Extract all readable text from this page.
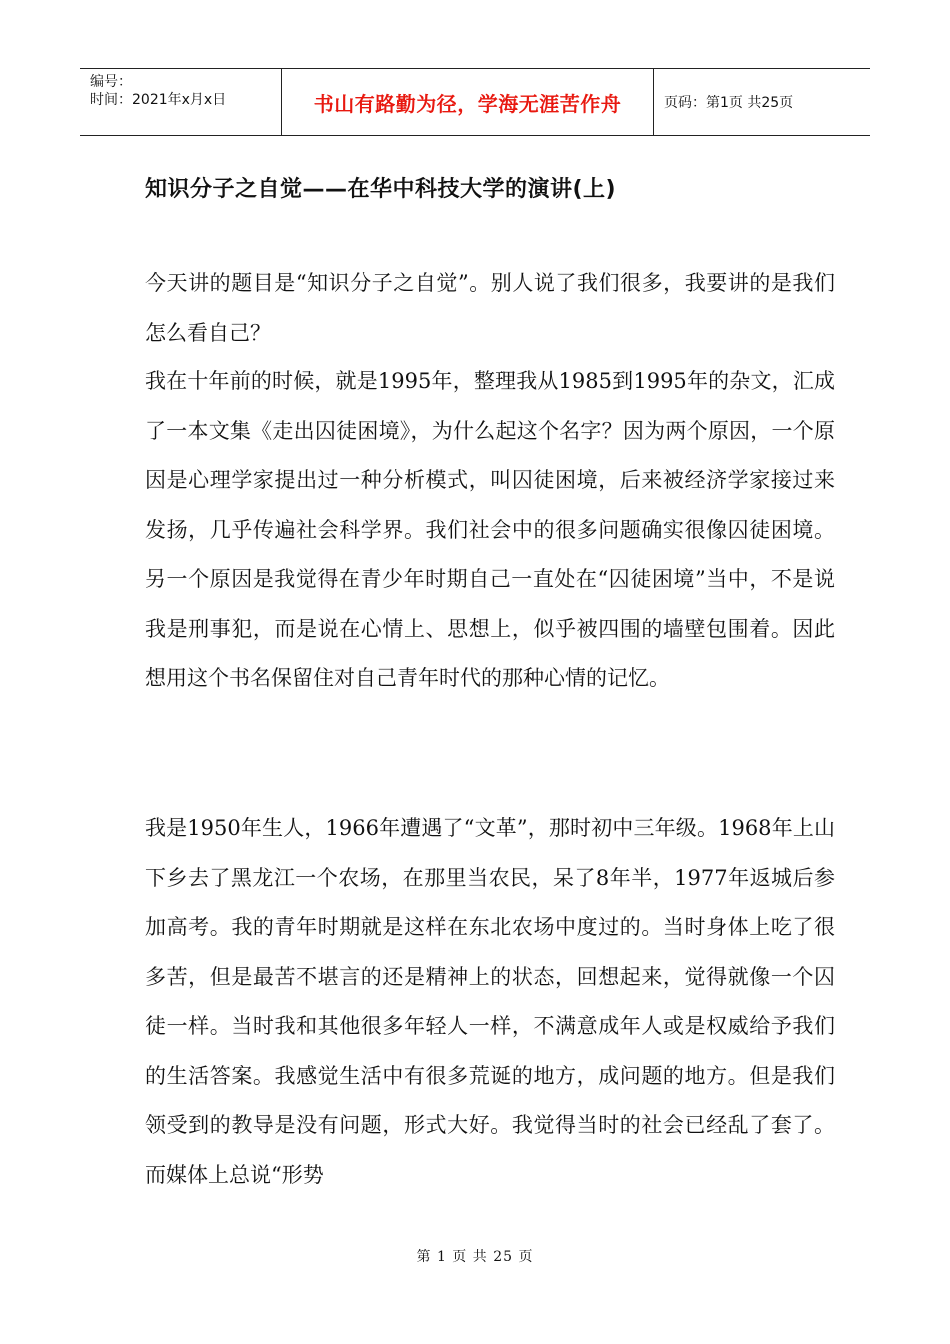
编号：
时间：2021年x月x日	书山有路勤为径，学海无涯苦作舟	页码：第1页 共25页
知识分子之自觉——在华中科技大学的演讲(上)

今天讲的题目是“知识分子之自觉”。别人说了我们很多，我要讲的是我们怎么看自己？

我在十年前的时候，就是1995年，整理我从1985到1995年的杂文，汇成了一本文集《走出囚徒困境》，为什么起这个名字？因为两个原因，一个原因是心理学家提出过一种分析模式，叫囚徒困境，后来被经济学家接过来发扬，几乎传遍社会科学界。我们社会中的很多问题确实很像囚徒困境。另一个原因是我觉得在青少年时期自己一直处在“囚徒困境”当中，不是说我是刑事犯，而是说在心情上、思想上，似乎被四围的墙壁包围着。因此想用这个书名保留住对自己青年时代的那种心情的记忆。

我是1950年生人，1966年遭遇了“文革”，那时初中三年级。1968年上山下乡去了黑龙江一个农场，在那里当农民，呆了8年半，1977年返城后参加高考。我的青年时期就是这样在东北农场中度过的。当时身体上吃了很多苦，但是最苦不堪言的还是精神上的状态，回想起来，觉得就像一个囚徒一样。当时我和其他很多年轻人一样，不满意成年人或是权威给予我们的生活答案。我感觉生活中有很多荒诞的地方，成问题的地方。但是我们领受到的教导是没有问题，形式大好。我觉得当时的社会已经乱了套了。而媒体上总说“形势

第 1 页 共 25 页
